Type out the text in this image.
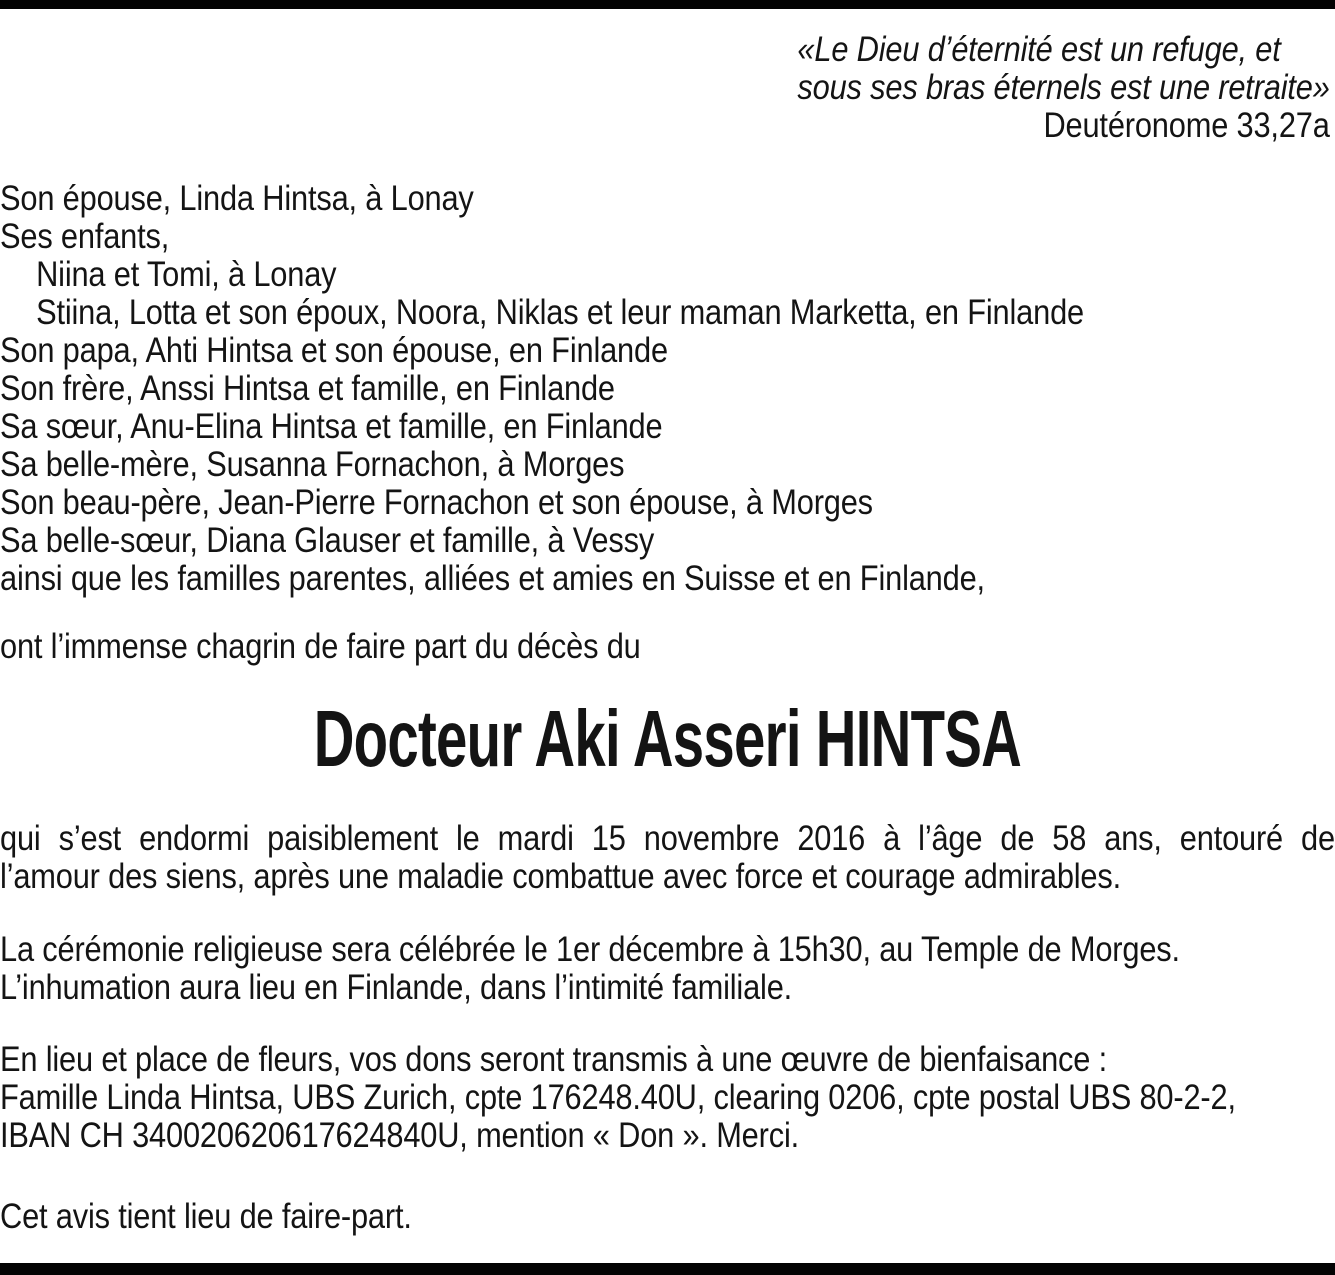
«Le Dieu d’éternité est un refuge, et
sous ses bras éternels est une retraite»
Deutéronome 33,27a
Son épouse, Linda Hintsa, à Lonay
Ses enfants,
Niina et Tomi, à Lonay
Stiina, Lotta et son époux, Noora, Niklas et leur maman Marketta, en Finlande
Son papa, Ahti Hintsa et son épouse, en Finlande
Son frère, Anssi Hintsa et famille, en Finlande
Sa sœur, Anu-Elina Hintsa et famille, en Finlande
Sa belle-mère, Susanna Fornachon, à Morges
Son beau-père, Jean-Pierre Fornachon et son épouse, à Morges
Sa belle-sœur, Diana Glauser et famille, à Vessy
ainsi que les familles parentes, alliées et amies en Suisse et en Finlande,
ont l’immense chagrin de faire part du décès du
Docteur Aki Asseri HINTSA
qui s’est endormi paisiblement le mardi 15 novembre 2016 à l’âge de 58 ans, entouré de
l’amour des siens, après une maladie combattue avec force et courage admirables.
La cérémonie religieuse sera célébrée le 1er décembre à 15h30, au Temple de Morges.
L’inhumation aura lieu en Finlande, dans l’intimité familiale.
En lieu et place de fleurs, vos dons seront transmis à une œuvre de bienfaisance :
Famille Linda Hintsa, UBS Zurich, cpte 176248.40U, clearing 0206, cpte postal UBS 80-2-2,
IBAN CH 340020620617624840U, mention « Don ». Merci.
Cet avis tient lieu de faire-part.
